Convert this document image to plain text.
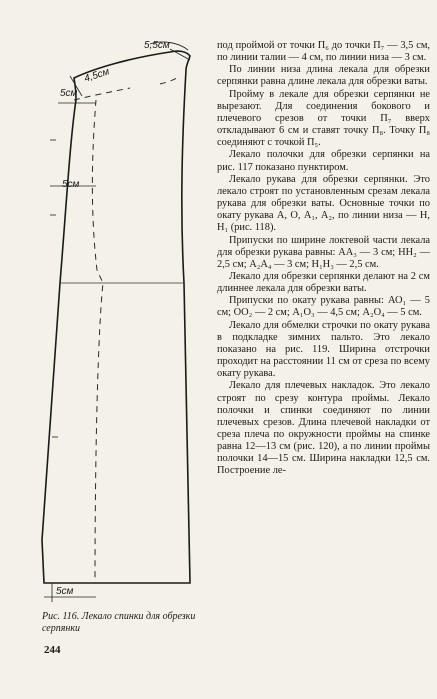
5,5см
4,5см
5см
5см
5см
Рис. 116. Лекало спинки для обрезки серпянки
244

под проймой от точки П₆ до точки П₇ — 3,5 см, по линии талии — 4 см, по линии низа — 3 см.

По линии низа длина лекала для обрезки серпянки равна длине лекала для обрезки ваты.

Пройму в лекале для обрезки серпянки не вырезают. Для соединения бокового и плечевого срезов от точки П₇ вверх откладывают 6 см и ставят точку П₈. Точку П₈ соединяют с точкой П₅.

Лекало полочки для обрезки серпянки на рис. 117 показано пунктиром.

Лекало рукава для обрезки серпянки. Это лекало строят по установленным срезам лекала рукава для обрезки ваты. Основные точки по окату рукава А, О, А₁, А₂, по линии низа — Н, Н₁ (рис. 118).

Припуски по ширине локтевой части лекала для обрезки рукава равны: АА₃ — 3 см; НН₂ — 2,5 см; А₂А₄ — 3 см; Н₁Н₃ — 2,5 см.

Лекало для обрезки серпянки делают на 2 см длиннее лекала для обрезки ваты.

Припуски по окату рукава равны: АО₁ — 5 см; ОО₂ — 2 см; А₁О₃ — 4,5 см; А₂О₄ — 5 см.

Лекало для обмелки строчки по окату рукава в подкладке зимних пальто. Это лекало показано на рис. 119. Ширина отстрочки проходит на расстоянии 11 см от среза по всему окату рукава.

Лекало для плечевых накладок. Это лекало строят по срезу контура проймы. Лекало полочки и спинки соединяют по линии плечевых срезов. Длина плечевой накладки от среза плеча по окружности проймы на спинке равна 12—13 см (рис. 120), а по линии проймы полочки 14—15 см. Ширина накладки 12,5 см. Построение ле-
